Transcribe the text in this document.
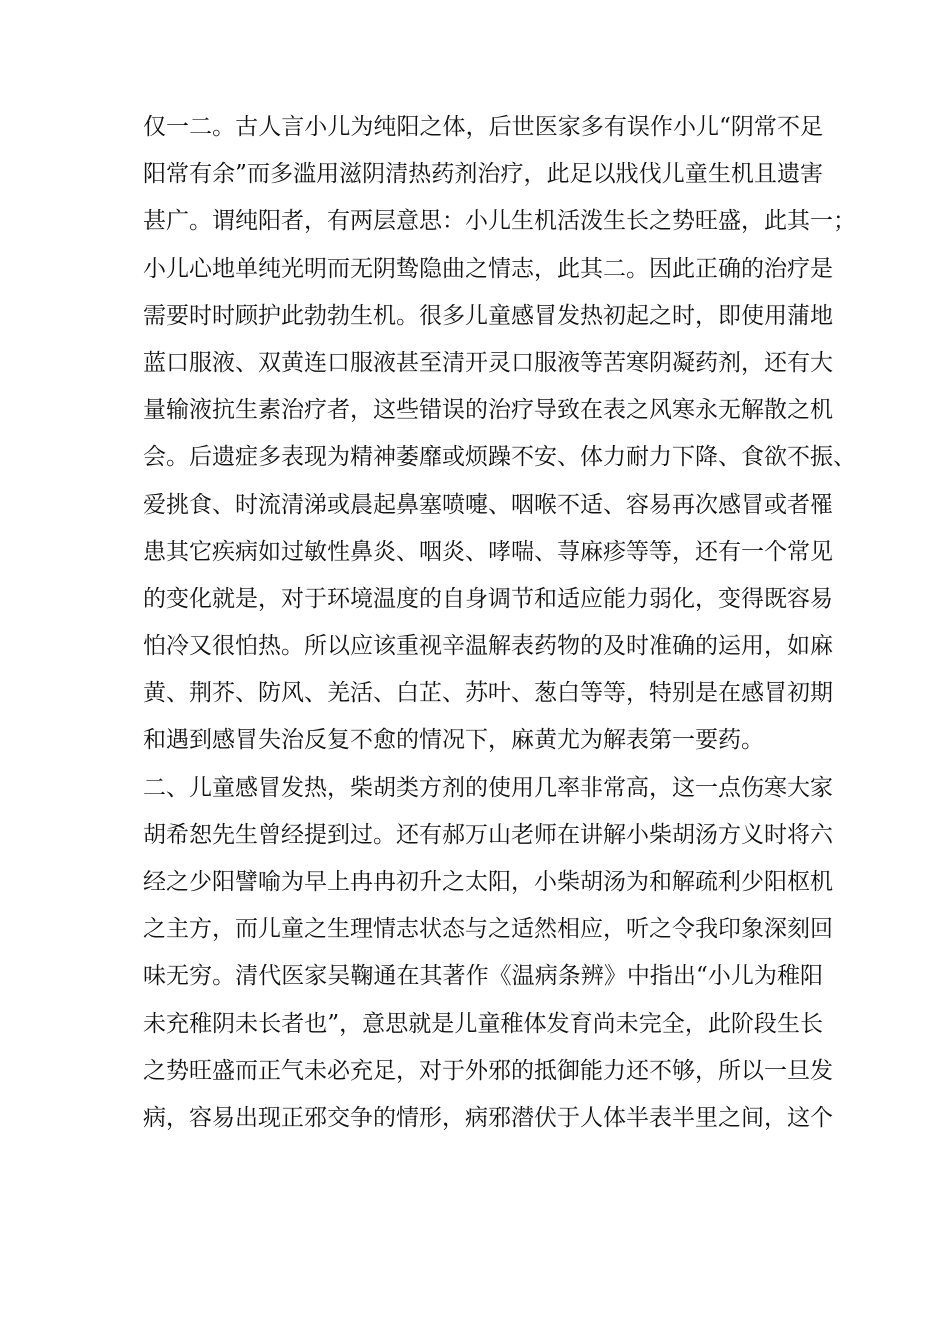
仅一二。古人言小儿为纯阳之体，后世医家多有误作小儿“阴常不足
阳常有余”而多滥用滋阴清热药剂治疗，此足以戕伐儿童生机且遗害
甚广。谓纯阳者，有两层意思：小儿生机活泼生长之势旺盛，此其一；
小儿心地单纯光明而无阴鸷隐曲之情志，此其二。因此正确的治疗是
需要时时顾护此勃勃生机。很多儿童感冒发热初起之时，即使用蒲地
蓝口服液、双黄连口服液甚至清开灵口服液等苦寒阴凝药剂，还有大
量输液抗生素治疗者，这些错误的治疗导致在表之风寒永无解散之机
会。后遗症多表现为精神萎靡或烦躁不安、体力耐力下降、食欲不振、
爱挑食、时流清涕或晨起鼻塞喷嚏、咽喉不适、容易再次感冒或者罹
患其它疾病如过敏性鼻炎、咽炎、哮喘、荨麻疹等等，还有一个常见
的变化就是，对于环境温度的自身调节和适应能力弱化，变得既容易
怕冷又很怕热。所以应该重视辛温解表药物的及时准确的运用，如麻
黄、荆芥、防风、羌活、白芷、苏叶、葱白等等，特别是在感冒初期
和遇到感冒失治反复不愈的情况下，麻黄尤为解表第一要药。
二、儿童感冒发热，柴胡类方剂的使用几率非常高，这一点伤寒大家
胡希恕先生曾经提到过。还有郝万山老师在讲解小柴胡汤方义时将六
经之少阳譬喻为早上冉冉初升之太阳，小柴胡汤为和解疏利少阳枢机
之主方，而儿童之生理情志状态与之适然相应，听之令我印象深刻回
味无穷。清代医家吴鞠通在其著作《温病条辨》中指出“小儿为稚阳
未充稚阴未长者也”，意思就是儿童稚体发育尚未完全，此阶段生长
之势旺盛而正气未必充足，对于外邪的抵御能力还不够，所以一旦发
病，容易出现正邪交争的情形，病邪潜伏于人体半表半里之间，这个
